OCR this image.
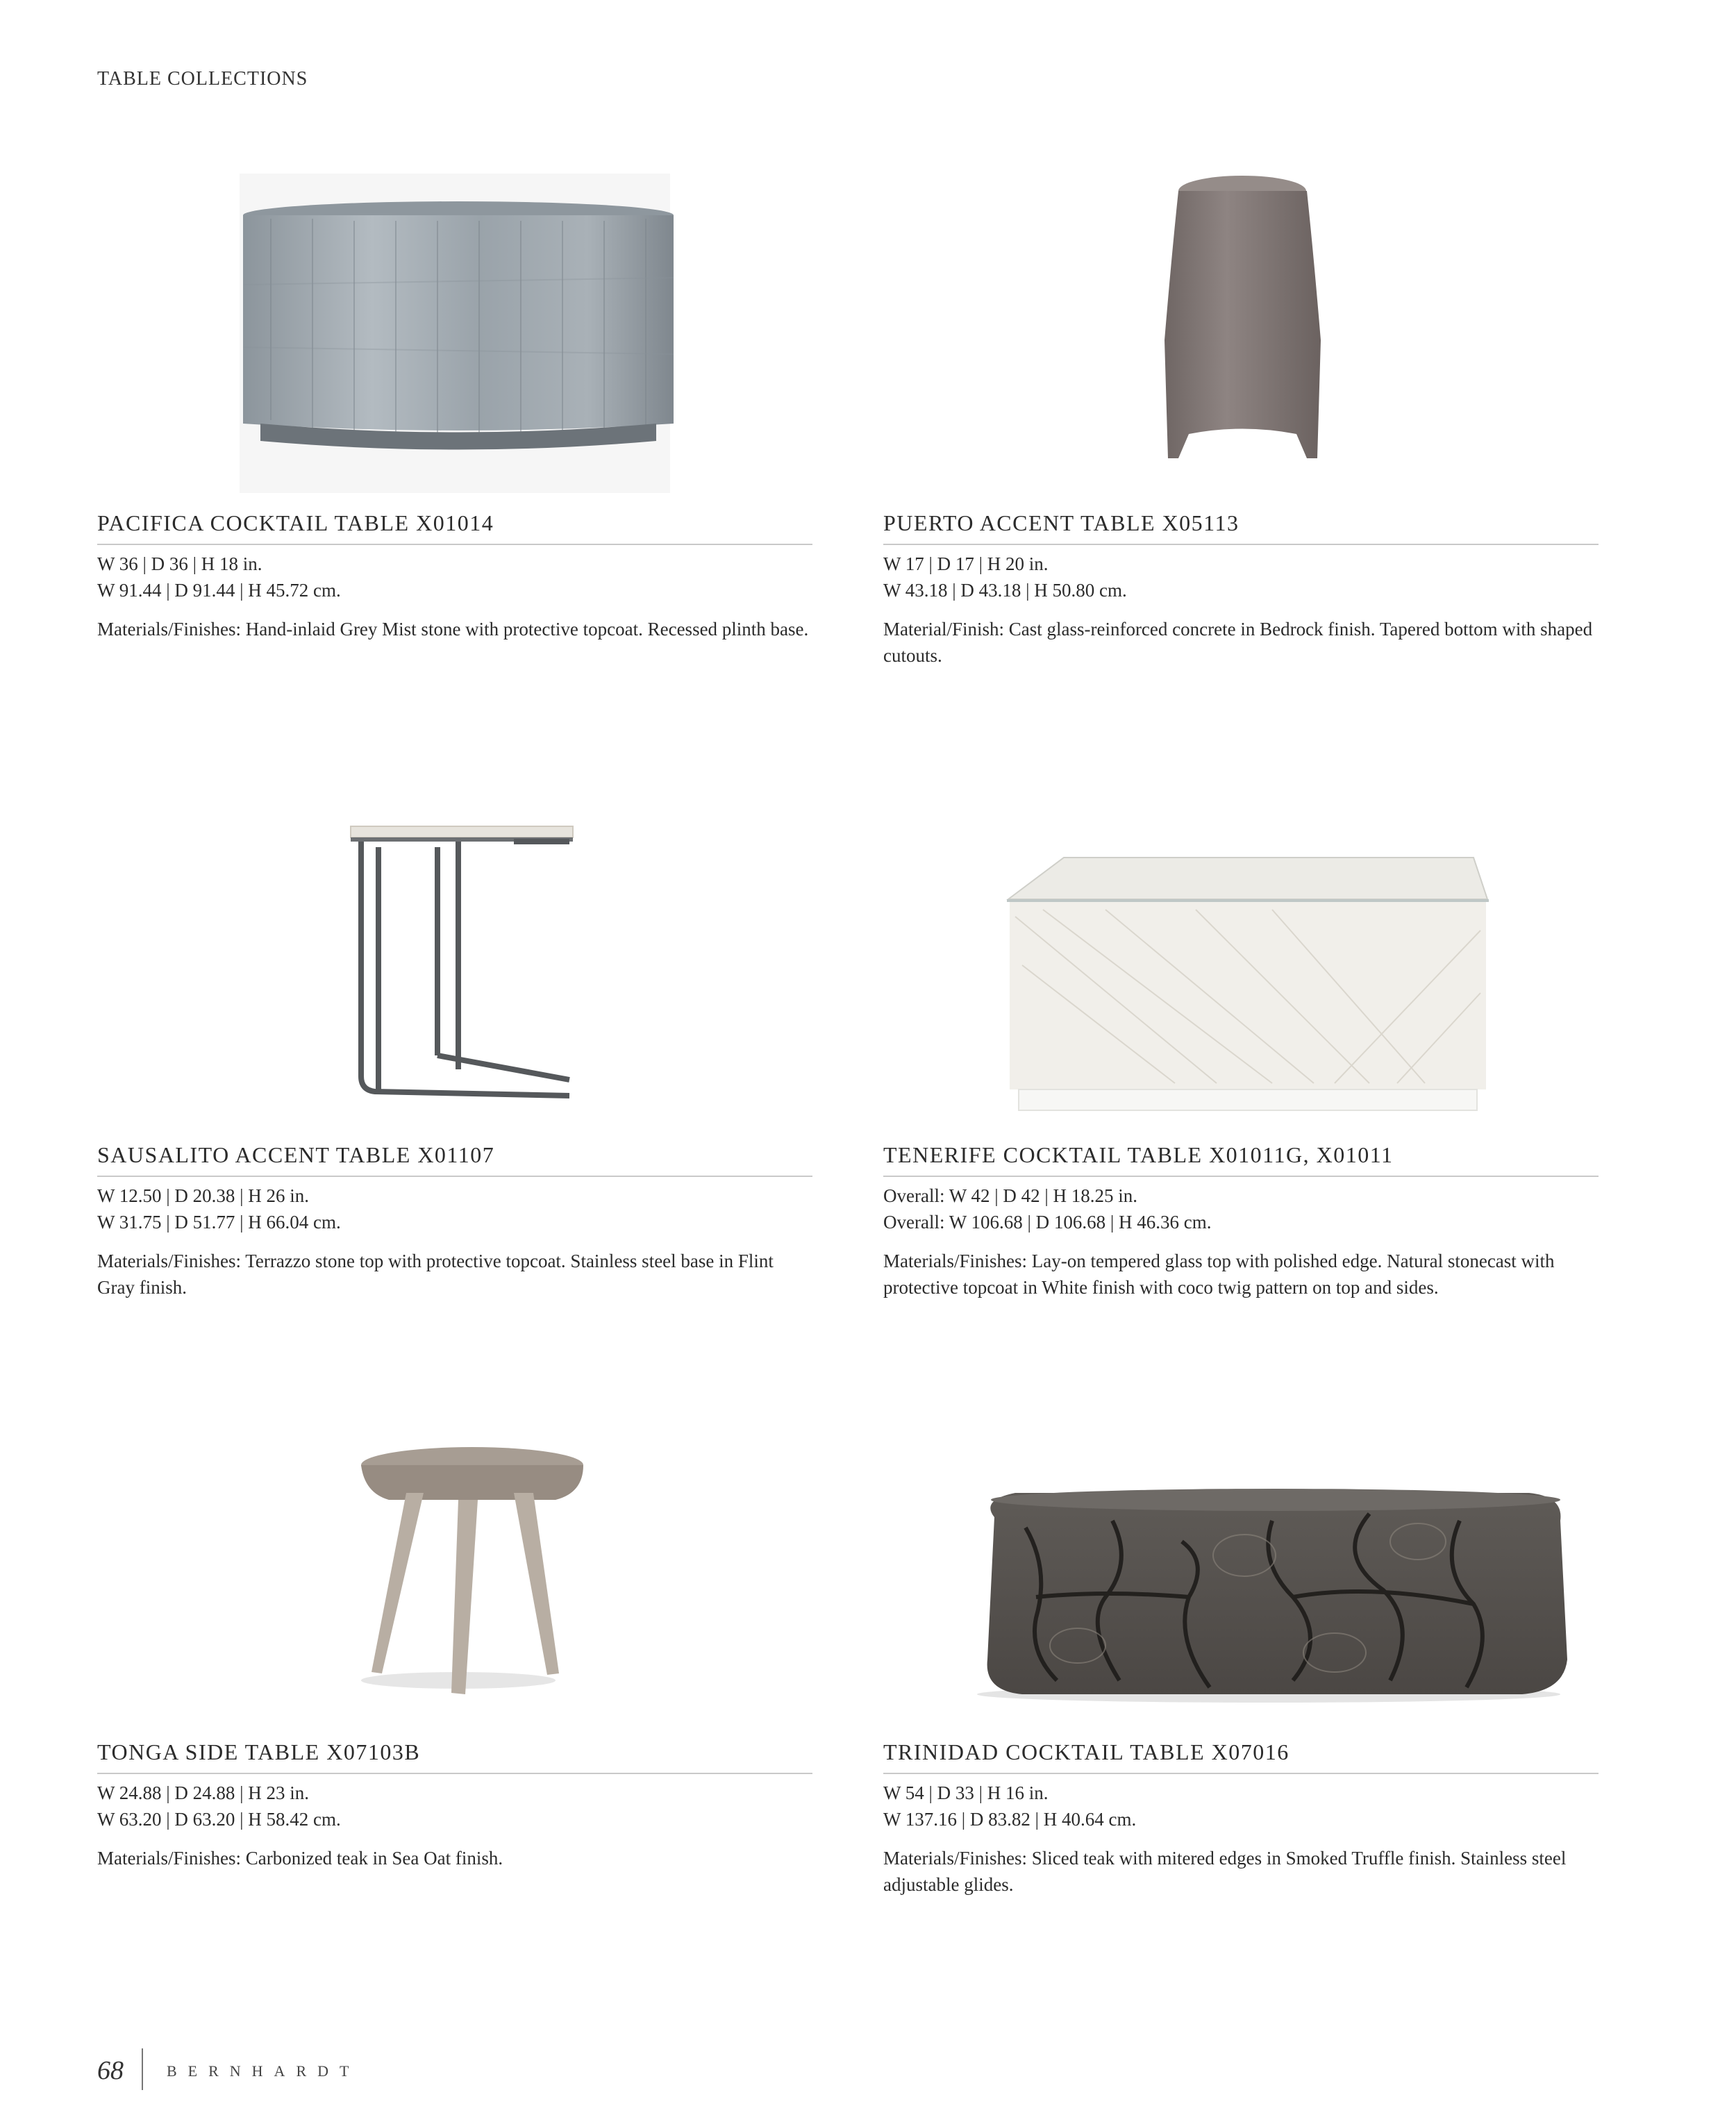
TABLE COLLECTIONS
PACIFICA COCKTAIL TABLE X01014
W 36 | D 36 | H 18 in.
W 91.44 | D 91.44 | H 45.72 cm.
Materials/Finishes: Hand-inlaid Grey Mist stone with protective topcoat. Recessed plinth base.
PUERTO ACCENT TABLE X05113
W 17 | D 17 | H 20 in.
W 43.18 | D 43.18 | H 50.80 cm.
Material/Finish: Cast glass-reinforced concrete in Bedrock finish. Tapered bottom with shaped cutouts.
SAUSALITO ACCENT TABLE X01107
W 12.50 | D 20.38 | H 26 in.
W 31.75 | D 51.77 | H 66.04 cm.
Materials/Finishes: Terrazzo stone top with protective topcoat. Stainless steel base in Flint Gray finish.
TENERIFE COCKTAIL TABLE X01011G, X01011
Overall: W 42 | D 42 | H 18.25 in.
Overall: W 106.68 | D 106.68 | H 46.36 cm.
Materials/Finishes: Lay-on tempered glass top with polished edge. Natural stonecast with protective topcoat in White finish with coco twig pattern on top and sides.
TONGA SIDE TABLE X07103B
W 24.88 | D 24.88 | H 23 in.
W 63.20 | D 63.20 | H 58.42 cm.
Materials/Finishes: Carbonized teak in Sea Oat finish.
TRINIDAD COCKTAIL TABLE X07016
W 54 | D 33 | H 16 in.
W 137.16 | D 83.82 | H 40.64 cm.
Materials/Finishes: Sliced teak with mitered edges in Smoked Truffle finish. Stainless steel adjustable glides.
68	BERNHARDT
